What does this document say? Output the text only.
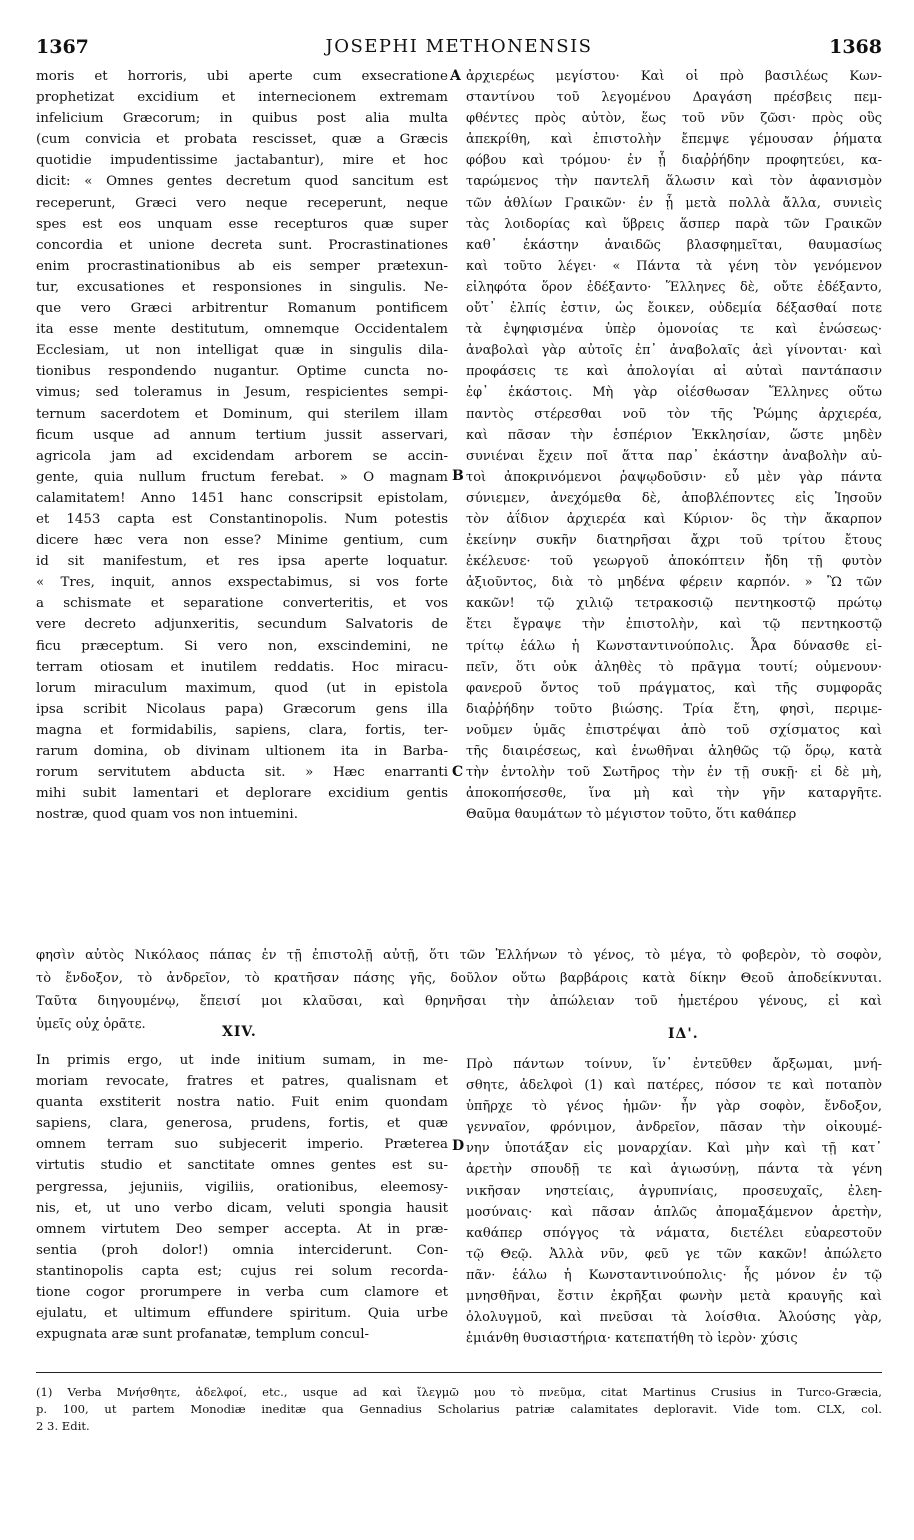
1367	JOSEPHI METHONENSIS	1368
A
B
C
D
moris et horroris, ubi aperte cum exsecratione
prophetizat excidium et internecionem extremam
infelicium Græcorum; in quibus post alia multa
(cum convicia et probata rescisset, quæ a Græcis
quotidie impudentissime jactabantur), mire et hoc
dicit: « Omnes gentes decretum quod sancitum est
receperunt, Græci vero neque receperunt, neque
spes est eos unquam esse recepturos quæ super
concordia et unione decreta sunt. Procrastinationes
enim procrastinationibus ab eis semper prætexun-
tur, excusationes et responsiones in singulis. Ne-
que vero Græci arbitrentur Romanum pontificem
ita esse mente destitutum, omnemque Occidentalem
Ecclesiam, ut non intelligat quæ in singulis dila-
tionibus respondendo nugantur. Optime cuncta no-
vimus; sed toleramus in Jesum, respicientes sempi-
ternum sacerdotem et Dominum, qui sterilem illam
ficum usque ad annum tertium jussit asservari,
agricola jam ad excidendam arborem se accin-
gente, quia nullum fructum ferebat. » O magnam
calamitatem! Anno 1451 hanc conscripsit epistolam,
et 1453 capta est Constantinopolis. Num potestis
dicere hæc vera non esse? Minime gentium, cum
id sit manifestum, et res ipsa aperte loquatur.
« Tres, inquit, annos exspectabimus, si vos forte
a schismate et separatione converteritis, et vos
vere decreto adjunxeritis, secundum Salvatoris de
ficu præceptum. Si vero non, exscindemini, ne
terram otiosam et inutilem reddatis. Hoc miracu-
lorum miraculum maximum, quod (ut in epistola
ipsa scribit Nicolaus papa) Græcorum gens illa
magna et formidabilis, sapiens, clara, fortis, ter-
rarum domina, ob divinam ultionem ita in Barba-
rorum servitutem abducta sit. » Hæc enarranti
mihi subit lamentari et deplorare excidium gentis
nostræ, quod quam vos non intuemini.
ἀρχιερέως μεγίστου· Καὶ οἱ πρὸ βασιλέως Κων-
σταντίνου τοῦ λεγομένου Δραγάση πρέσβεις πεμ-
φθέντες πρὸς αὐτὸν, ἕως τοῦ νῦν ζῶσι· πρὸς οὓς
ἀπεκρίθη, καὶ ἐπιστολὴν ἔπεμψε γέμουσαν ῥήματα
φόβου καὶ τρόμου· ἐν ᾗ διαῤῥήδην προφητεύει, κα-
ταρώμενος τὴν παντελῆ ἅλωσιν καὶ τὸν ἀφανισμὸν
τῶν ἀθλίων Γραικῶν· ἐν ᾗ μετὰ πολλὰ ἄλλα, συνιεὶς
τὰς λοιδορίας καὶ ὕβρεις ἅσπερ παρὰ τῶν Γραικῶν
καθ᾽ ἑκάστην ἀναιδῶς βλασφημεῖται, θαυμασίως
καὶ τοῦτο λέγει· « Πάντα τὰ γένη τὸν γενόμενον
εἰληφότα ὅρον ἐδέξαντο· Ἕλληνες δὲ, οὔτε ἐδέξαντο,
οὔτ᾽ ἐλπίς ἐστιν, ὡς ἔοικεν, οὐδεμία δέξασθαί ποτε
τὰ ἐψηφισμένα ὑπὲρ ὁμονοίας τε καὶ ἑνώσεως·
ἀναβολαὶ γὰρ αὐτοῖς ἐπ᾽ ἀναβολαῖς ἀεὶ γίνονται· καὶ
προφάσεις τε καὶ ἀπολογίαι αἱ αὐταὶ παντάπασιν
ἐφ᾽ ἑκάστοις. Μὴ γὰρ οἰέσθωσαν Ἕλληνες οὕτω
παντὸς στέρεσθαι νοῦ τὸν τῆς Ῥώμης ἀρχιερέα,
καὶ πᾶσαν τὴν ἑσπέριον Ἐκκλησίαν, ὥστε μηδὲν
συνιέναι ἔχειν ποῖ ἅττα παρ᾽ ἑκάστην ἀναβολὴν αὐ-
τοὶ ἀποκρινόμενοι ῥαψῳδοῦσιν· εὖ μὲν γὰρ πάντα
σύνιεμεν, ἀνεχόμεθα δὲ, ἀποβλέποντες εἰς Ἰησοῦν
τὸν ἀΐδιον ἀρχιερέα καὶ Κύριον· ὃς τὴν ἄκαρπον
ἐκείνην συκῆν διατηρῆσαι ἄχρι τοῦ τρίτου ἔτους
ἐκέλευσε· τοῦ γεωργοῦ ἀποκόπτειν ἤδη τῇ φυτὸν
ἀξιοῦντος, διὰ τὸ μηδένα φέρειν καρπόν. » Ὢ τῶν
κακῶν! τῷ χιλιῷ τετρακοσιῷ πεντηκοστῷ πρώτῳ
ἔτει ἔγραψε τὴν ἐπιστολὴν, καὶ τῷ πεντηκοστῷ
τρίτῳ ἑάλω ἡ Κωνσταντινούπολις. Ἆρα δύνασθε εἰ-
πεῖν, ὅτι οὐκ ἀληθὲς τὸ πρᾶγμα τουτί; οὐμενουν·
φανεροῦ ὄντος τοῦ πράγματος, καὶ τῆς συμφορᾶς
διαῤῥήδην τοῦτο βιώσης. Τρία ἔτη, φησὶ, περιμε-
νοῦμεν ὑμᾶς ἐπιστρέψαι ἀπὸ τοῦ σχίσματος καὶ
τῆς διαιρέσεως, καὶ ἑνωθῆναι ἀληθῶς τῷ ὅρῳ, κατὰ
τὴν ἐντολὴν τοῦ Σωτῆρος τὴν ἐν τῇ συκῇ· εἰ δὲ μὴ,
ἀποκοπήσεσθε, ἵνα μὴ καὶ τὴν γῆν καταργῆτε.
Θαῦμα θαυμάτων τὸ μέγιστον τοῦτο, ὅτι καθάπερ
φησὶν αὐτὸς Νικόλαος πάπας ἐν τῇ ἐπιστολῇ αὐτῇ, ὅτι τῶν Ἑλλήνων τὸ γένος, τὸ μέγα, τὸ φοβερὸν, τὸ σοφὸν,
τὸ ἔνδοξον, τὸ ἀνδρεῖον, τὸ κρατῆσαν πάσης γῆς, δοῦλον οὕτω βαρβάροις κατὰ δίκην Θεοῦ ἀποδείκνυται.
Ταῦτα διηγουμένῳ, ἔπεισί μοι κλαῦσαι, καὶ θρηνῆσαι τὴν ἀπώλειαν τοῦ ἡμετέρου γένους, εἰ καὶ
ὑμεῖς οὐχ ὁρᾶτε.	XIV.	ΙΔ'.
In primis ergo, ut inde initium sumam, in me-
moriam revocate, fratres et patres, qualisnam et
quanta exstiterit nostra natio. Fuit enim quondam
sapiens, clara, generosa, prudens, fortis, et quæ
omnem terram suo subjecerit imperio. Præterea
virtutis studio et sanctitate omnes gentes est su-
pergressa, jejuniis, vigiliis, orationibus, eleemosy-
nis, et, ut uno verbo dicam, veluti spongia hausit
omnem virtutem Deo semper accepta. At in præ-
sentia (proh dolor!) omnia interciderunt. Con-
stantinopolis capta est; cujus rei solum recorda-
tione cogor prorumpere in verba cum clamore et
ejulatu, et ultimum effundere spiritum. Quia urbe
expugnata aræ sunt profanatæ, templum concul-
Πρὸ πάντων τοίνυν, ἵν᾽ ἐντεῦθεν ἄρξωμαι, μνή-
σθητε, ἀδελφοὶ (1) καὶ πατέρες, πόσον τε καὶ ποταπὸν
ὑπῆρχε τὸ γένος ἡμῶν· ἦν γὰρ σοφὸν, ἔνδοξον,
γενναῖον, φρόνιμον, ἀνδρεῖον, πᾶσαν τὴν οἰκουμέ-
νην ὑποτάξαν εἰς μοναρχίαν. Καὶ μὴν καὶ τῇ κατ᾽
ἀρετὴν σπουδῇ τε καὶ ἁγιωσύνῃ, πάντα τὰ γένη
νικῆσαν νηστείαις, ἀγρυπνίαις, προσευχαῖς, ἐλεη-
μοσύναις· καὶ πᾶσαν ἁπλῶς ἀπομαξάμενον ἀρετὴν,
καθάπερ σπόγγος τὰ νάματα, διετέλει εὐαρεστοῦν
τῷ Θεῷ. Ἀλλὰ νῦν, φεῦ γε τῶν κακῶν! ἀπώλετο
πᾶν· ἑάλω ἡ Κωνσταντινούπολις· ἧς μόνον ἐν τῷ
μνησθῆναι, ἔστιν ἐκρῆξαι φωνὴν μετὰ κραυγῆς καὶ
ὀλολυγμοῦ, καὶ πνεῦσαι τὰ λοίσθια. Ἁλούσης γὰρ,
ἐμιάνθη θυσιαστήρια· κατεπατήθη τὸ ἱερὸν· χύσις
(1) Verba Μνήσθητε, ἀδελφοί, etc., usque ad καὶ ἴλεγμῶ μου τὸ πνεῦμα, citat Martinus Crusius in Turco-Græcia,
p. 100, ut partem Monodiæ ineditæ qua Gennadius Scholarius patriæ calamitates deploravit. Vide tom. CLX, col.
2 3. Edit.
